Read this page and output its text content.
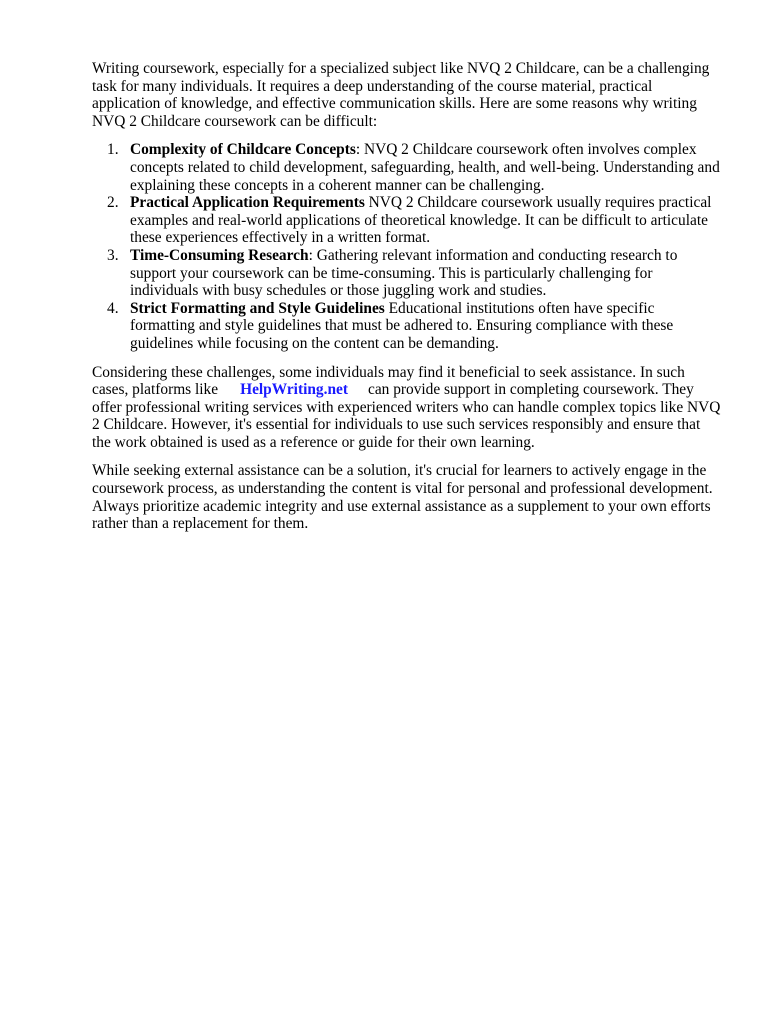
Writing coursework, especially for a specialized subject like NVQ 2 Childcare, can be a challenging task for many individuals. It requires a deep understanding of the course material, practical application of knowledge, and effective communication skills. Here are some reasons why writing NVQ 2 Childcare coursework can be difficult:

1. Complexity of Childcare Concepts: NVQ 2 Childcare coursework often involves complex concepts related to child development, safeguarding, health, and well-being. Understanding and explaining these concepts in a coherent manner can be challenging.
2. Practical Application Requirements NVQ 2 Childcare coursework usually requires practical examples and real-world applications of theoretical knowledge. It can be difficult to articulate these experiences effectively in a written format.
3. Time-Consuming Research: Gathering relevant information and conducting research to support your coursework can be time-consuming. This is particularly challenging for individuals with busy schedules or those juggling work and studies.
4. Strict Formatting and Style Guidelines Educational institutions often have specific formatting and style guidelines that must be adhered to. Ensuring compliance with these guidelines while focusing on the content can be demanding.

Considering these challenges, some individuals may find it beneficial to seek assistance. In such cases, platforms like HelpWriting.net can provide support in completing coursework. They offer professional writing services with experienced writers who can handle complex topics like NVQ 2 Childcare. However, it's essential for individuals to use such services responsibly and ensure that the work obtained is used as a reference or guide for their own learning.

While seeking external assistance can be a solution, it's crucial for learners to actively engage in the coursework process, as understanding the content is vital for personal and professional development. Always prioritize academic integrity and use external assistance as a supplement to your own efforts rather than a replacement for them.
